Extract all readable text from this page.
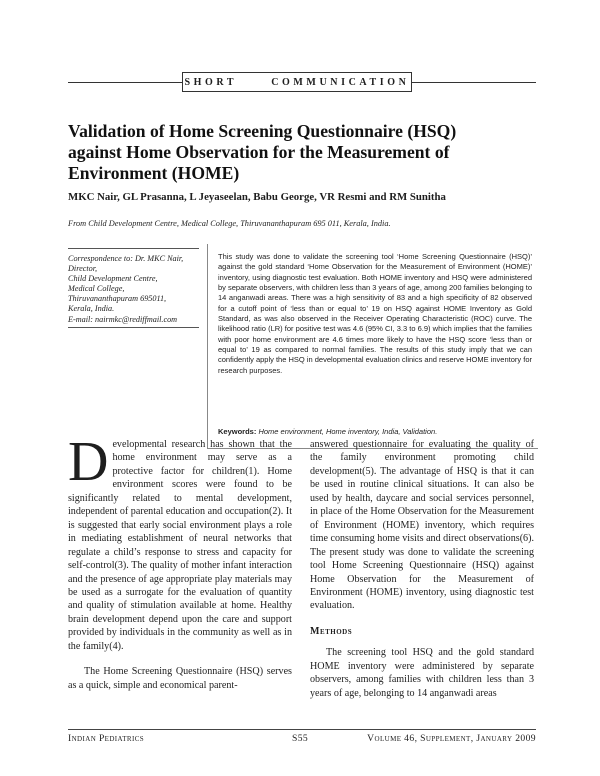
SHORT	COMMUNICATION
Validation of Home Screening Questionnaire (HSQ) against Home Observation for the Measurement of Environment (HOME)
MKC Nair, GL Prasanna, L Jeyaseelan, Babu George, VR Resmi and RM Sunitha
From Child Development Centre, Medical College, Thiruvananthapuram 695 011, Kerala, India.
Correspondence to: Dr. MKC Nair,
Director,
Child Development Centre,
Medical College,
Thiruvananthapuram 695011,
Kerala, India.
E-mail: nairmkc@rediffmail.com
This study was done to validate the screening tool ‘Home Screening Questionnaire (HSQ)’ against the gold standard ‘Home Observation for the Measurement of Environment (HOME)’ inventory, using diagnostic test evaluation. Both HOME inventory and HSQ were administered by separate observers, with children less than 3 years of age, among 200 families belonging to 14 anganwadi areas. There was a high sensitivity of 83 and a high specificity of 82 observed for a cutoff point of ‘less than or equal to’ 19 on HSQ against HOME Inventory as Gold Standard, as was also observed in the Receiver Operating Characteristic (ROC) curve. The likelihood ratio (LR) for positive test was 4.6 (95% CI, 3.3 to 6.9) which implies that the families with poor home environment are 4.6 times more likely to have the HSQ score ‘less than or equal to’ 19 as compared to normal families. The results of this study imply that we can confidently apply the HSQ in developmental evaluation clinics and reserve HOME inventory for research purposes.
Keywords: Home environment, Home inventory, India, Validation.

Developmental research has shown that the home environment may serve as a protective factor for children(1). Home environment scores were found to be significantly related to mental development, independent of parental education and occupation(2). It is suggested that early social environment plays a role in mediating establishment of neural networks that regulate a child’s response to stress and capacity for self-control(3). The quality of mother infant interaction and the presence of age appropriate play materials may be used as a surrogate for the evaluation of quantity and quality of stimulation available at home. Healthy brain development depend upon the care and support provided by individuals in the community as well as in the family(4).

The Home Screening Questionnaire (HSQ) serves as a quick, simple and economical parent-

answered questionnaire for evaluating the quality of the family environment promoting child development(5). The advantage of HSQ is that it can be used in routine clinical situations. It can also be used by health, daycare and social services personnel, in place of the Home Observation for the Measurement of Environment (HOME) inventory, which requires time consuming home visits and direct observations(6). The present study was done to validate the screening tool Home Screening Questionnaire (HSQ) against Home Observation for the Measurement of Environment (HOME) inventory, using diagnostic test evaluation.

Methods

The screening tool HSQ and the gold standard HOME inventory were administered by separate observers, among families with children less than 3 years of age, belonging to 14 anganwadi areas

Indian Pediatrics	S55	Volume 46, Supplement, January 2009
